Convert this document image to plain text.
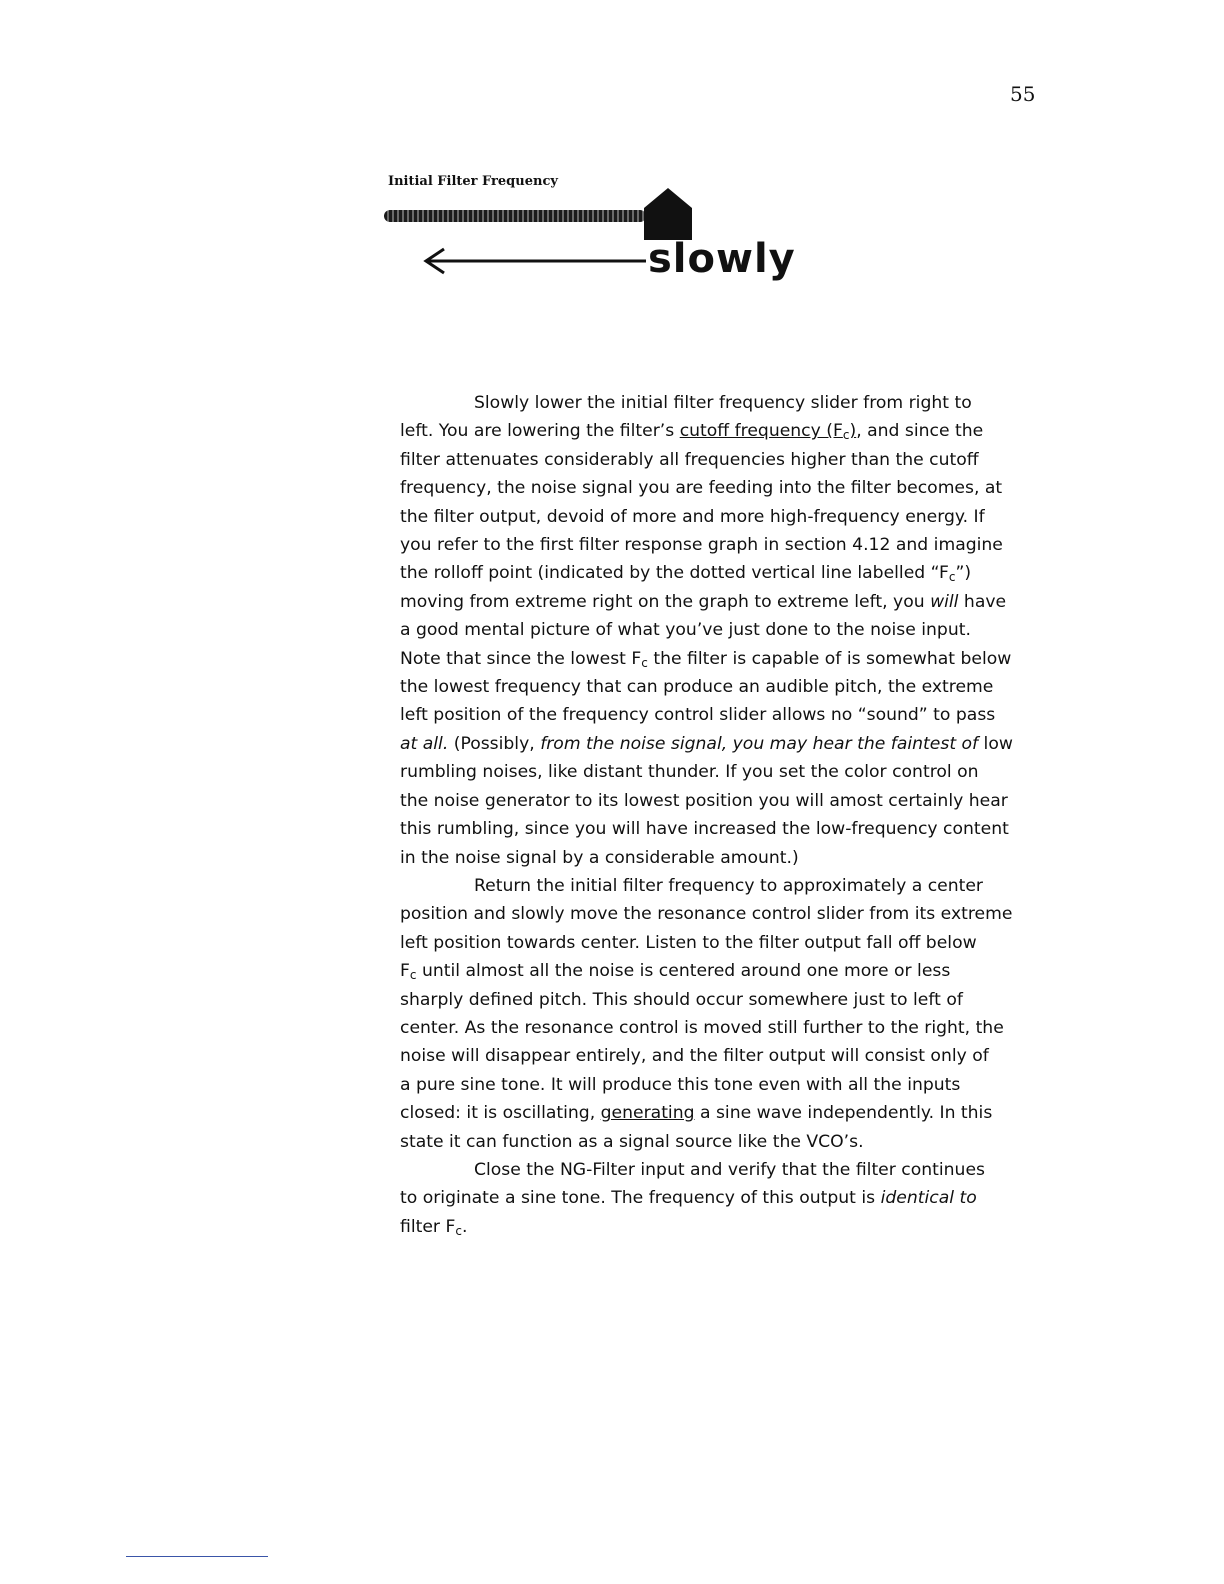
55
Initial Filter Frequency
slowly
Slowly lower the initial filter frequency slider from right to
left. You are lowering the filter’s cutoff frequency $(F_c)$, and since the
filter attenuates considerably all frequencies higher than the cutoff
frequency, the noise signal you are feeding into the filter becomes, at
the filter output, devoid of more and more high-frequency energy. If
you refer to the first filter response graph in section 4.12 and imagine
the rolloff point (indicated by the dotted vertical line labelled “$F_c$”)
moving from extreme right on the graph to extreme left, you will have
a good mental picture of what you’ve just done to the noise input.
Note that since the lowest $F_c$ the filter is capable of is somewhat below
the lowest frequency that can produce an audible pitch, the extreme
left position of the frequency control slider allows no “sound” to pass
at all. (Possibly, from the noise signal, you may hear the faintest of low
rumbling noises, like distant thunder. If you set the color control on
the noise generator to its lowest position you will amost certainly hear
this rumbling, since you will have increased the low-frequency content
in the noise signal by a considerable amount.)
Return the initial filter frequency to approximately a center
position and slowly move the resonance control slider from its extreme
left position towards center. Listen to the filter output fall off below
$F_c$ until almost all the noise is centered around one more or less
sharply defined pitch. This should occur somewhere just to left of
center. As the resonance control is moved still further to the right, the
noise will disappear entirely, and the filter output will consist only of
a pure sine tone. It will produce this tone even with all the inputs
closed: it is oscillating, generating a sine wave independently. In this
state it can function as a signal source like the VCO’s.
Close the NG-Filter input and verify that the filter continues
to originate a sine tone. The frequency of this output is identical to
filter $F_c$.
